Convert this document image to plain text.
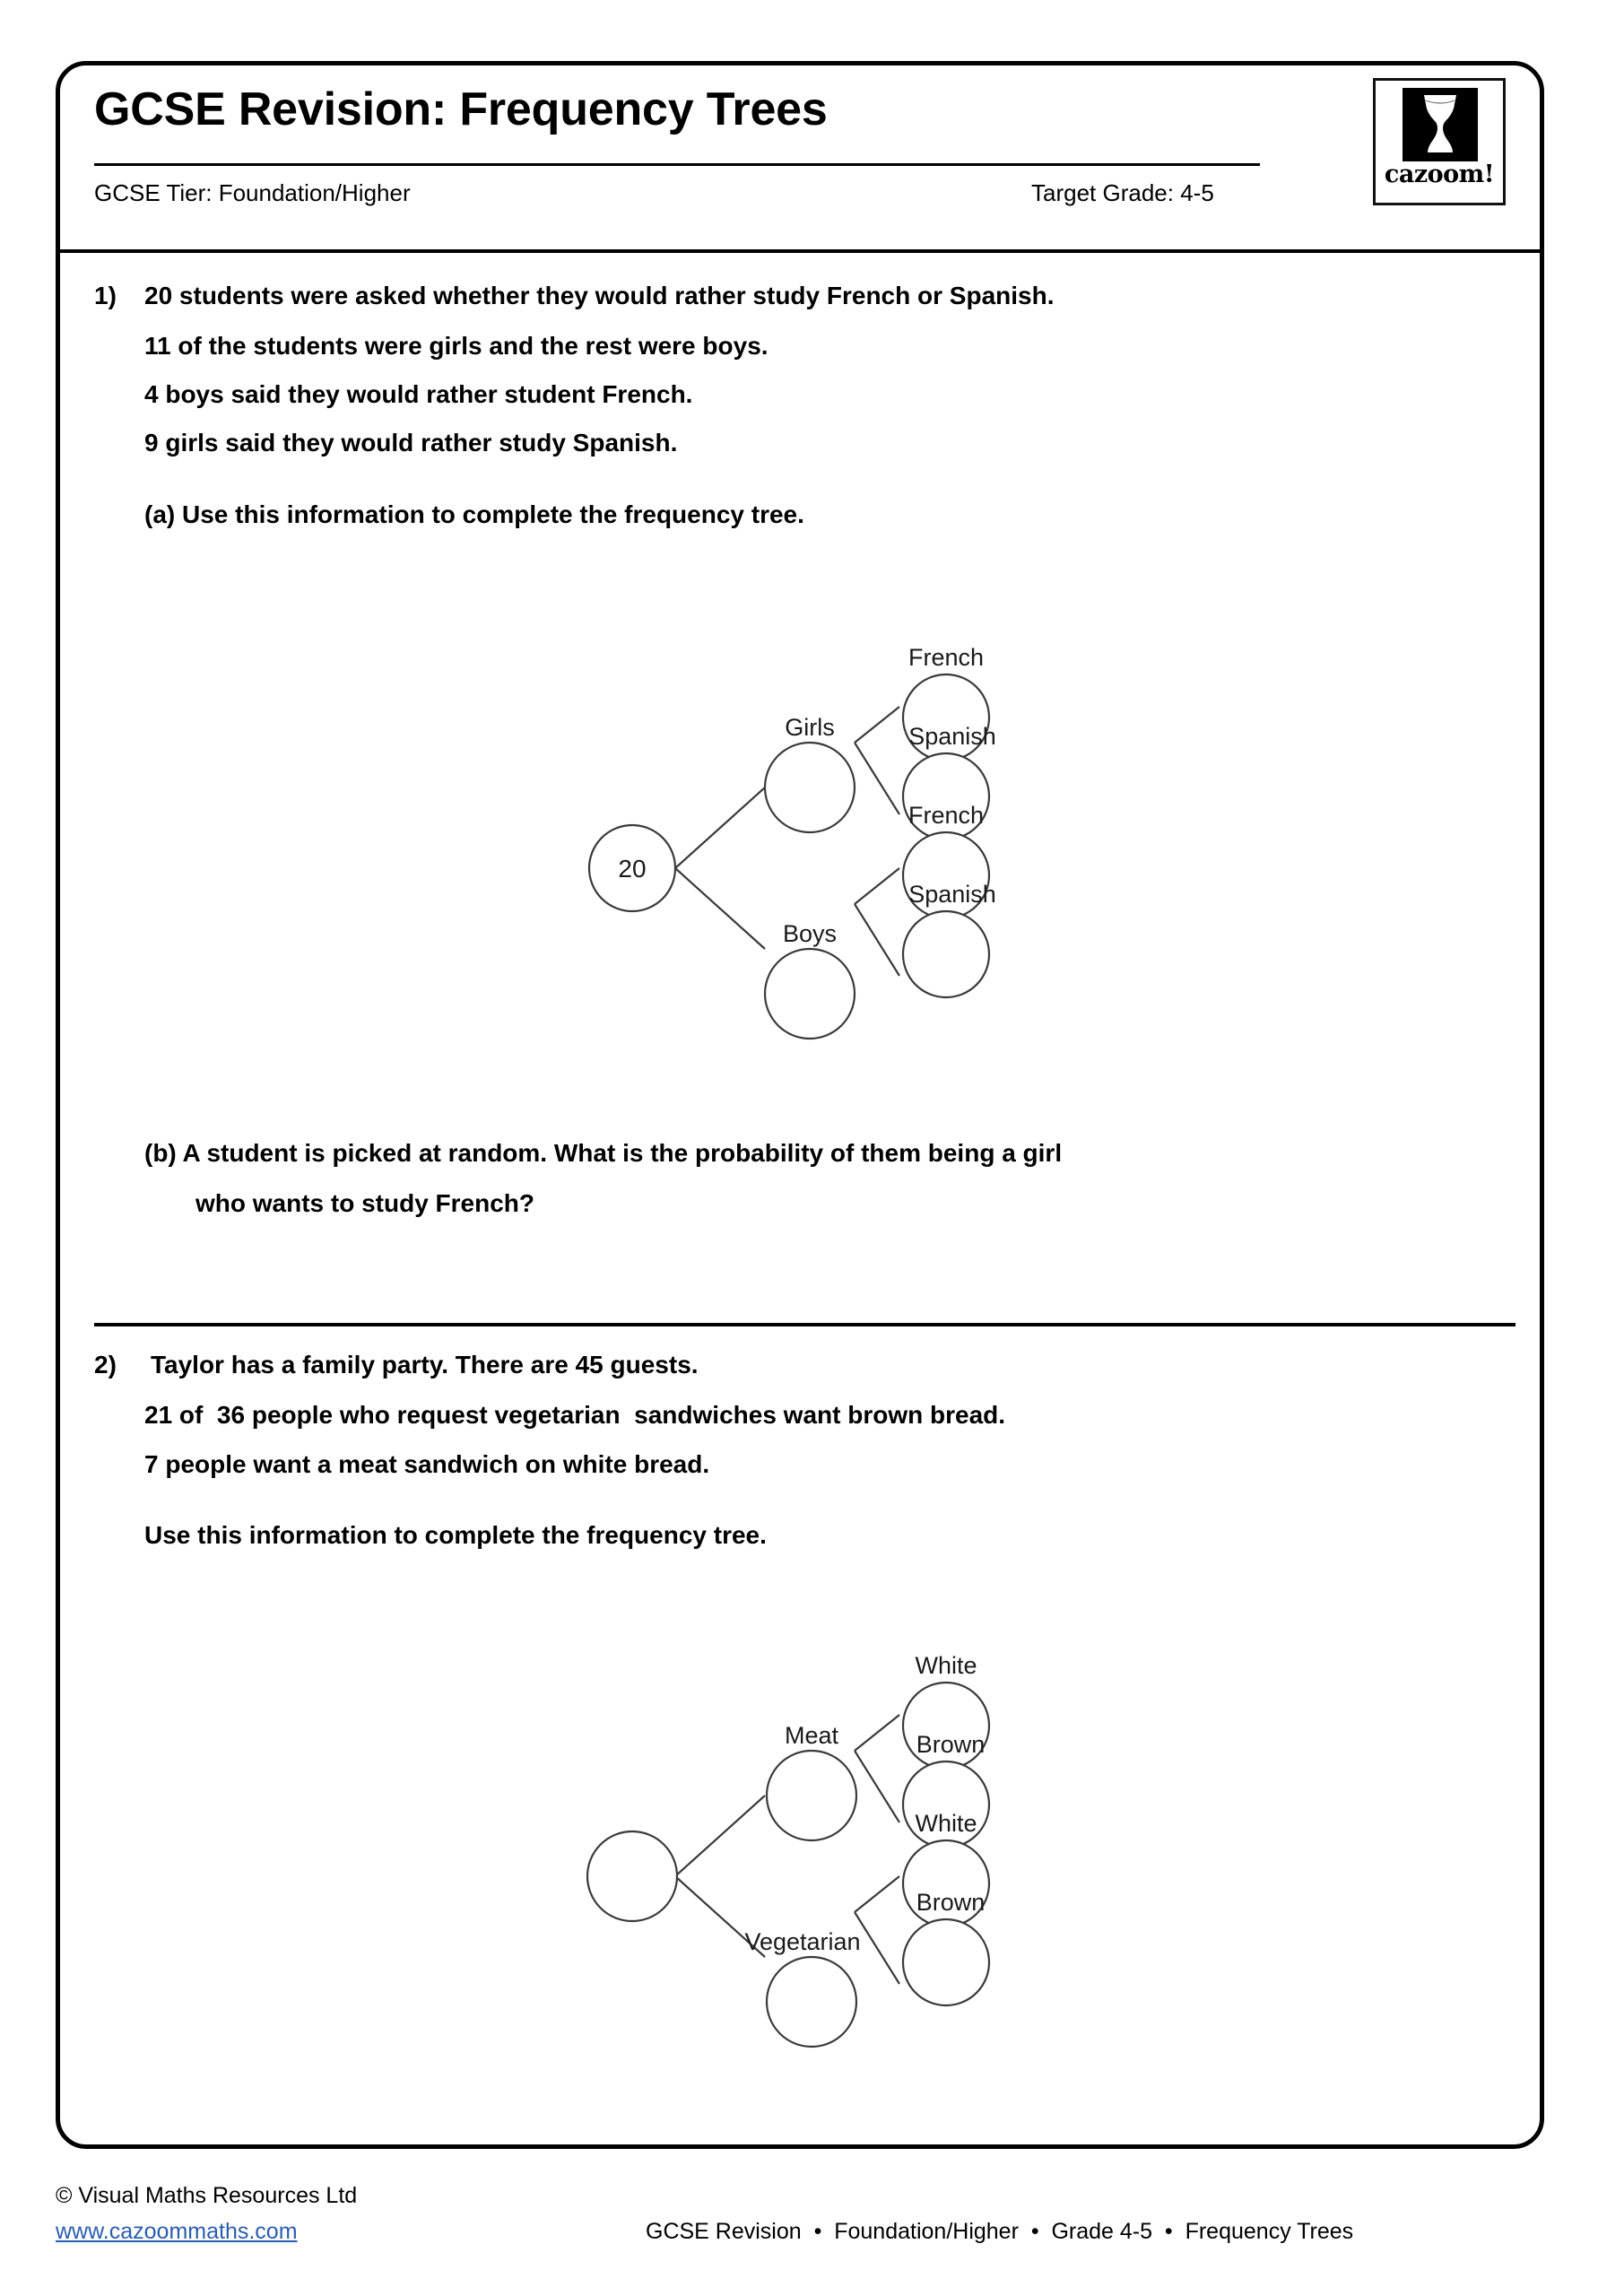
GCSE Revision: Frequency Trees
GCSE Tier: Foundation/Higher	Target Grade: 4-5
cazoom!
1) 20 students were asked whether they would rather study French or Spanish.
11 of the students were girls and the rest were boys.
4 boys said they would rather student French.
9 girls said they would rather study Spanish.
(a) Use this information to complete the frequency tree.
20
Girls
Boys
French
Spanish
French
Spanish
(b) A student is picked at random. What is the probability of them being a girl
who wants to study French?
2) Taylor has a family party. There are 45 guests.
21 of  36 people who request vegetarian  sandwiches want brown bread.
7 people want a meat sandwich on white bread.
Use this information to complete the frequency tree.
Meat
Vegetarian
White
Brown
White
Brown
© Visual Maths Resources Ltd
www.cazoommaths.com	GCSE Revision  •  Foundation/Higher  •  Grade 4-5  •  Frequency Trees
